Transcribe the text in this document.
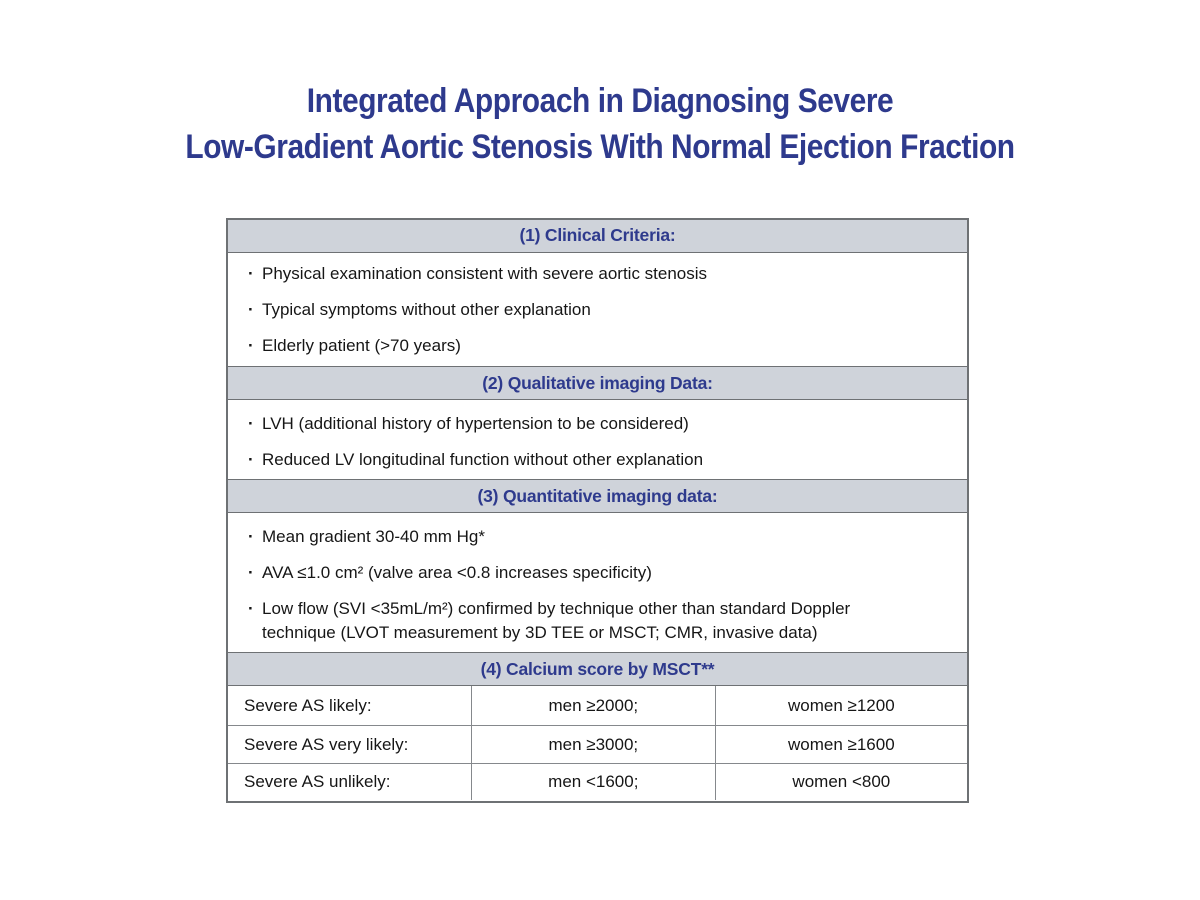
Integrated Approach in Diagnosing Severe
Low-Gradient Aortic Stenosis With Normal Ejection Fraction
(1) Clinical Criteria:
· Physical examination consistent with severe aortic stenosis
· Typical symptoms without other explanation
· Elderly patient (>70 years)
(2) Qualitative imaging Data:
· LVH (additional history of hypertension to be considered)
· Reduced LV longitudinal function without other explanation
(3) Quantitative imaging data:
· Mean gradient 30-40 mm Hg*
· AVA ≤1.0 cm² (valve area <0.8 increases specificity)
· Low flow (SVI <35mL/m²) confirmed by technique other than standard Doppler technique (LVOT measurement by 3D TEE or MSCT; CMR, invasive data)
(4) Calcium score by MSCT**
Severe AS likely:	men ≥2000;	women ≥1200
Severe AS very likely:	men ≥3000;	women ≥1600
Severe AS unlikely:	men <1600;	women <800
